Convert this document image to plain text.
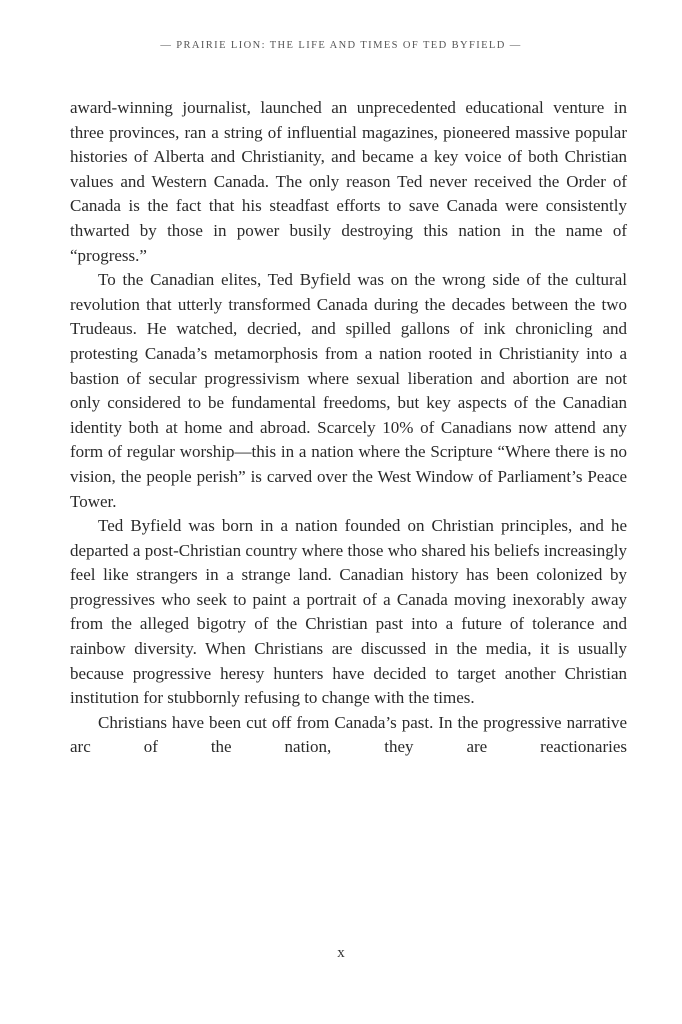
— PRAIRIE LION: THE LIFE AND TIMES OF TED BYFIELD —

award-winning journalist, launched an unprecedented educational venture in three provinces, ran a string of influential magazines, pioneered massive popular histories of Alberta and Christianity, and became a key voice of both Christian values and Western Canada. The only reason Ted never received the Order of Canada is the fact that his steadfast efforts to save Canada were consistently thwarted by those in power busily destroying this nation in the name of “progress.”

To the Canadian elites, Ted Byfield was on the wrong side of the cultural revolution that utterly transformed Canada during the decades between the two Trudeaus. He watched, decried, and spilled gallons of ink chronicling and protesting Canada’s metamorphosis from a nation rooted in Christianity into a bastion of secular progressivism where sexual liberation and abortion are not only considered to be fundamental freedoms, but key aspects of the Canadian identity both at home and abroad. Scarcely 10% of Canadians now attend any form of regular worship—this in a nation where the Scripture “Where there is no vision, the people perish” is carved over the West Window of Parliament’s Peace Tower.

Ted Byfield was born in a nation founded on Christian principles, and he departed a post-Christian country where those who shared his beliefs increasingly feel like strangers in a strange land. Canadian history has been colonized by progressives who seek to paint a portrait of a Canada moving inexorably away from the alleged bigotry of the Christian past into a future of tolerance and rainbow diversity. When Christians are discussed in the media, it is usually because progressive heresy hunters have decided to target another Christian institution for stubbornly refusing to change with the times.

Christians have been cut off from Canada’s past. In the progressive narrative arc of the nation, they are reactionaries

x
